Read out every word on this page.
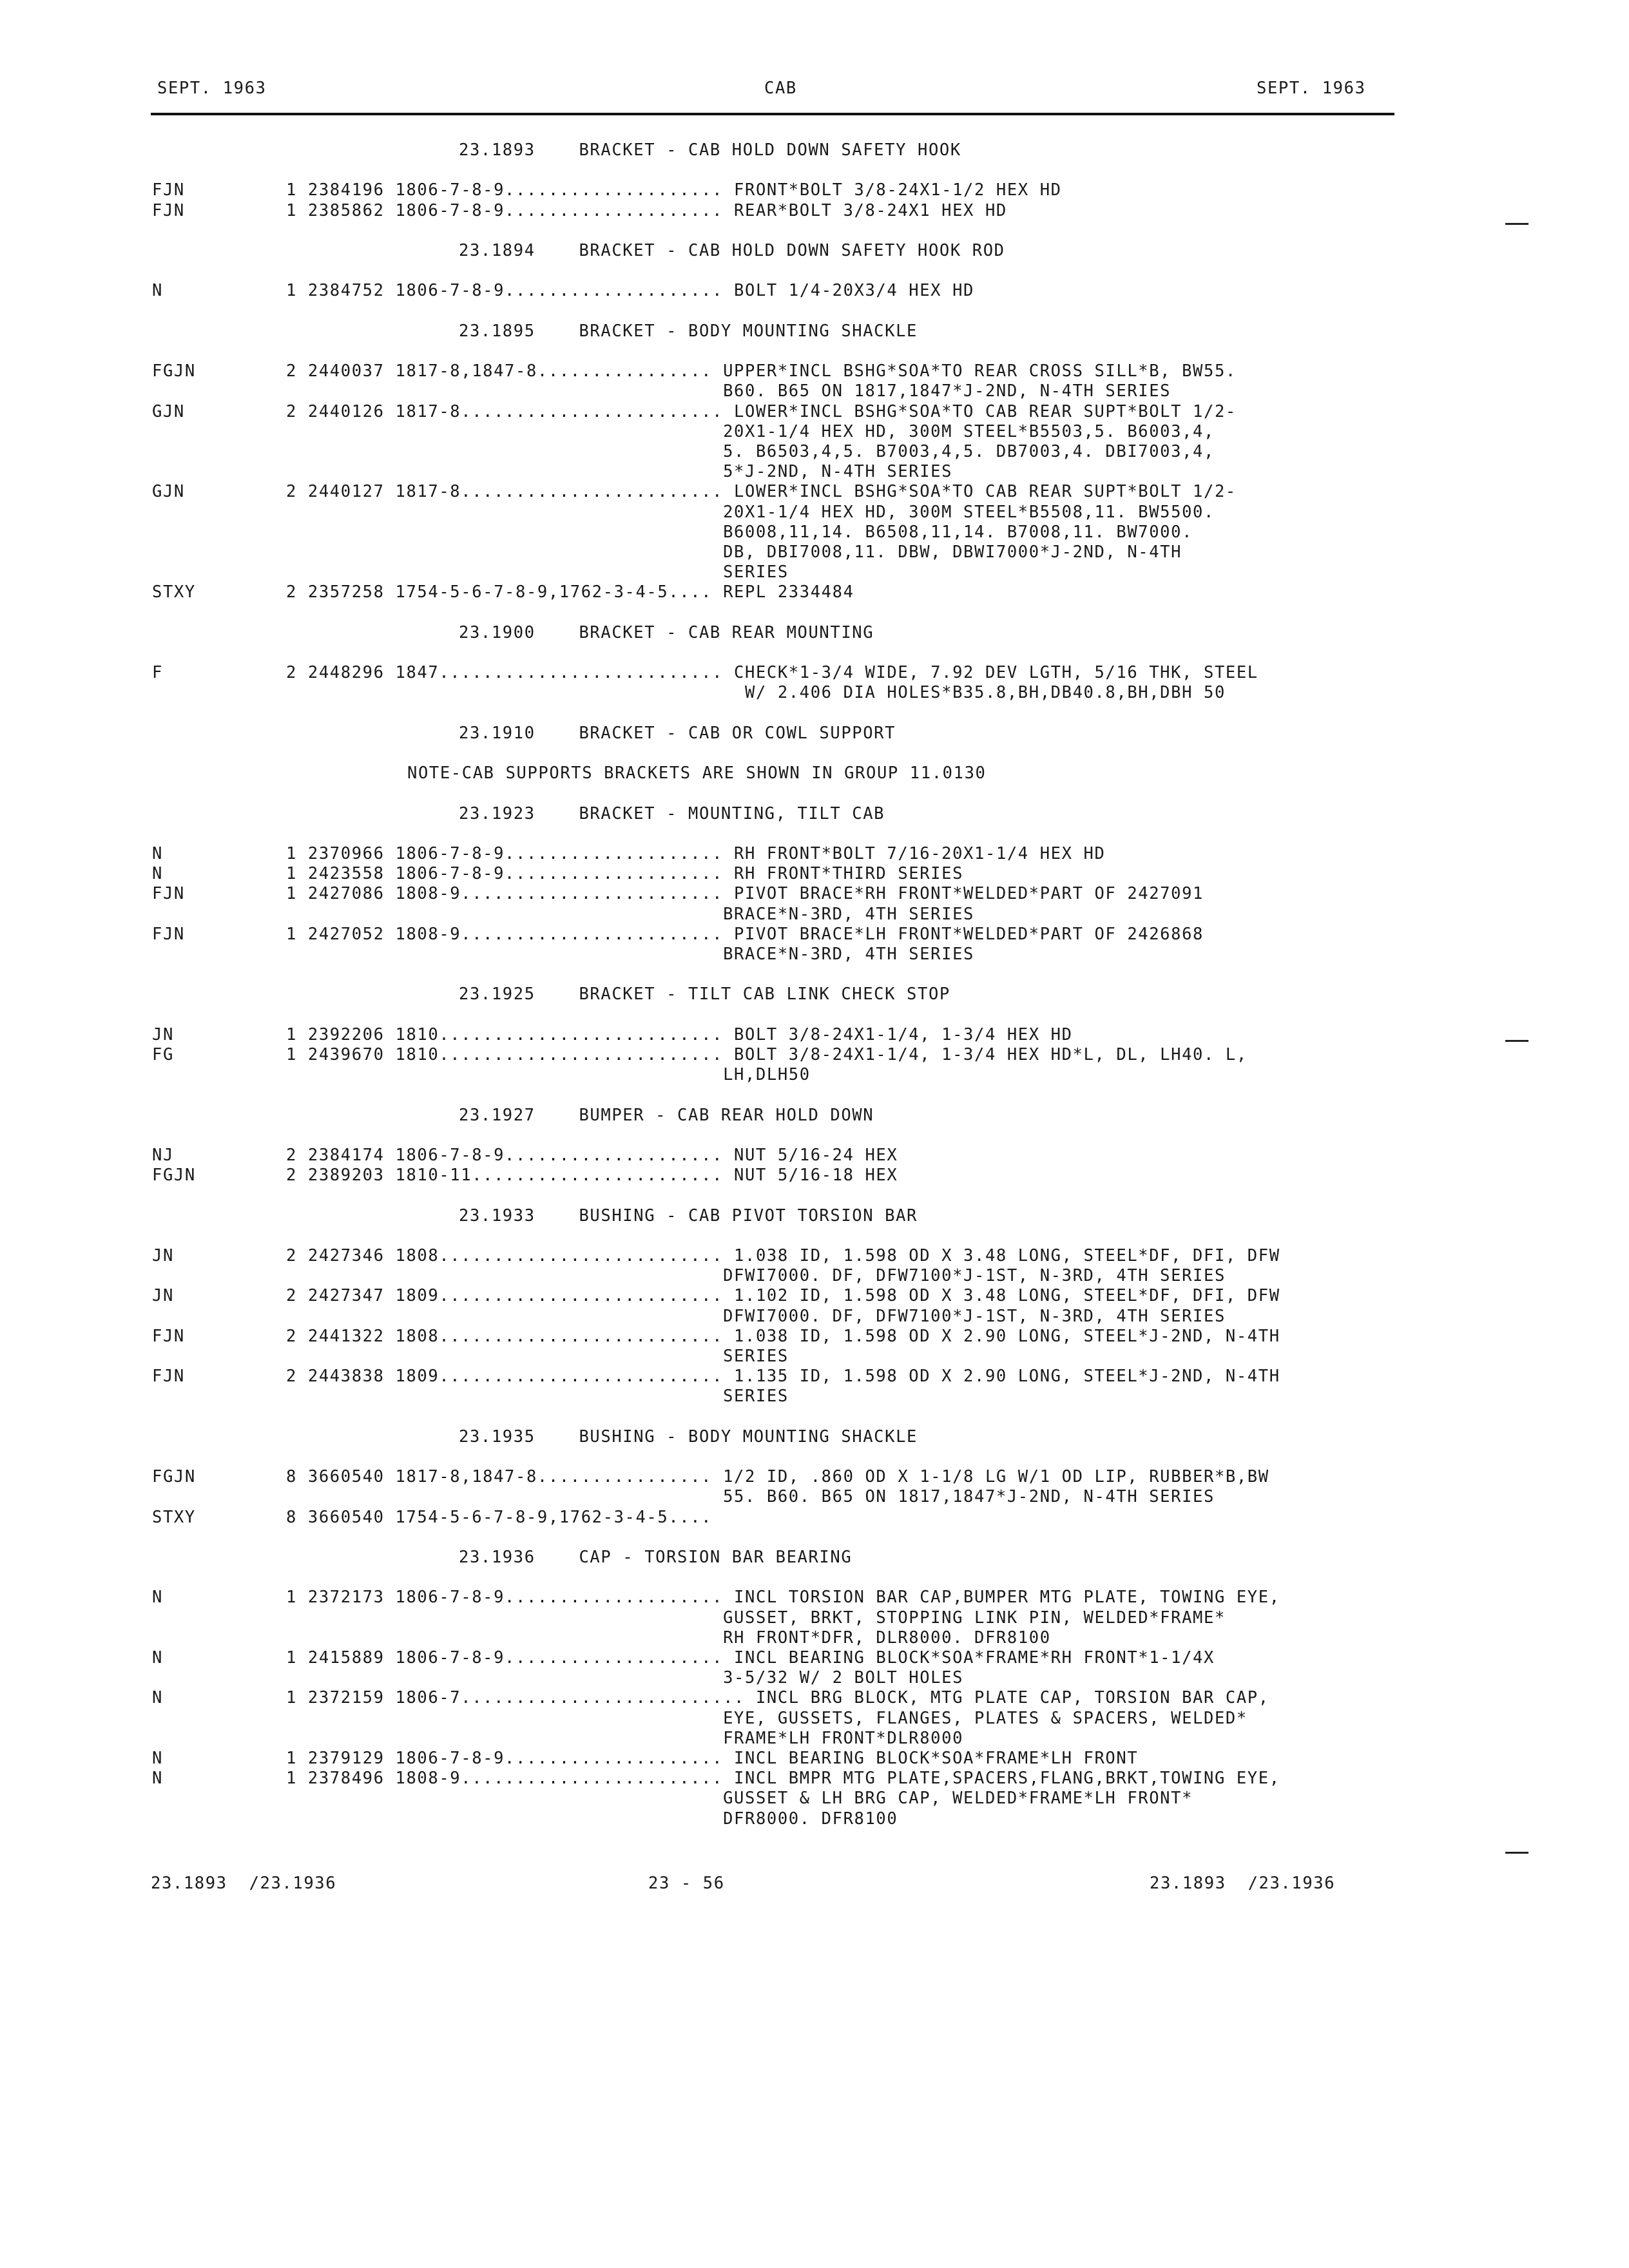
SEPT. 1963	CAB	SEPT. 1963
23.1893    BRACKET - CAB HOLD DOWN SAFETY HOOK
FJN	1 2384196 1806-7-8-9.................... FRONT*BOLT 3/8-24X1-1/2 HEX HD
FJN	1 2385862 1806-7-8-9.................... REAR*BOLT 3/8-24X1 HEX HD
23.1894    BRACKET - CAB HOLD DOWN SAFETY HOOK ROD
N	1 2384752 1806-7-8-9.................... BOLT 1/4-20X3/4 HEX HD
23.1895    BRACKET - BODY MOUNTING SHACKLE
FGJN	2 2440037 1817-8,1847-8................ UPPER*INCL BSHG*SOA*TO REAR CROSS SILL*B, BW55.
B60. B65 ON 1817,1847*J-2ND, N-4TH SERIES
GJN	2 2440126 1817-8........................ LOWER*INCL BSHG*SOA*TO CAB REAR SUPT*BOLT 1/2-
20X1-1/4 HEX HD, 300M STEEL*B5503,5. B6003,4,
5. B6503,4,5. B7003,4,5. DB7003,4. DBI7003,4,
5*J-2ND, N-4TH SERIES
GJN	2 2440127 1817-8........................ LOWER*INCL BSHG*SOA*TO CAB REAR SUPT*BOLT 1/2-
20X1-1/4 HEX HD, 300M STEEL*B5508,11. BW5500.
B6008,11,14. B6508,11,14. B7008,11. BW7000.
DB, DBI7008,11. DBW, DBWI7000*J-2ND, N-4TH
SERIES
STXY	2 2357258 1754-5-6-7-8-9,1762-3-4-5.... REPL 2334484
23.1900    BRACKET - CAB REAR MOUNTING
F	2 2448296 1847.......................... CHECK*1-3/4 WIDE, 7.92 DEV LGTH, 5/16 THK, STEEL
W/ 2.406 DIA HOLES*B35.8,BH,DB40.8,BH,DBH 50
23.1910    BRACKET - CAB OR COWL SUPPORT
NOTE-CAB SUPPORTS BRACKETS ARE SHOWN IN GROUP 11.0130
23.1923    BRACKET - MOUNTING, TILT CAB
N	1 2370966 1806-7-8-9.................... RH FRONT*BOLT 7/16-20X1-1/4 HEX HD
N	1 2423558 1806-7-8-9.................... RH FRONT*THIRD SERIES
FJN	1 2427086 1808-9........................ PIVOT BRACE*RH FRONT*WELDED*PART OF 2427091
BRACE*N-3RD, 4TH SERIES
FJN	1 2427052 1808-9........................ PIVOT BRACE*LH FRONT*WELDED*PART OF 2426868
BRACE*N-3RD, 4TH SERIES
23.1925    BRACKET - TILT CAB LINK CHECK STOP
JN	1 2392206 1810.......................... BOLT 3/8-24X1-1/4, 1-3/4 HEX HD
FG	1 2439670 1810.......................... BOLT 3/8-24X1-1/4, 1-3/4 HEX HD*L, DL, LH40. L,
LH,DLH50
23.1927    BUMPER - CAB REAR HOLD DOWN
NJ	2 2384174 1806-7-8-9.................... NUT 5/16-24 HEX
FGJN	2 2389203 1810-11....................... NUT 5/16-18 HEX
23.1933    BUSHING - CAB PIVOT TORSION BAR
JN	2 2427346 1808.......................... 1.038 ID, 1.598 OD X 3.48 LONG, STEEL*DF, DFI, DFW
DFWI7000. DF, DFW7100*J-1ST, N-3RD, 4TH SERIES
JN	2 2427347 1809.......................... 1.102 ID, 1.598 OD X 3.48 LONG, STEEL*DF, DFI, DFW
DFWI7000. DF, DFW7100*J-1ST, N-3RD, 4TH SERIES
FJN	2 2441322 1808.......................... 1.038 ID, 1.598 OD X 2.90 LONG, STEEL*J-2ND, N-4TH
SERIES
FJN	2 2443838 1809.......................... 1.135 ID, 1.598 OD X 2.90 LONG, STEEL*J-2ND, N-4TH
SERIES
23.1935    BUSHING - BODY MOUNTING SHACKLE
FGJN	8 3660540 1817-8,1847-8................ 1/2 ID, .860 OD X 1-1/8 LG W/1 OD LIP, RUBBER*B,BW
55. B60. B65 ON 1817,1847*J-2ND, N-4TH SERIES
STXY	8 3660540 1754-5-6-7-8-9,1762-3-4-5....
23.1936    CAP - TORSION BAR BEARING
N	1 2372173 1806-7-8-9.................... INCL TORSION BAR CAP,BUMPER MTG PLATE, TOWING EYE,
GUSSET, BRKT, STOPPING LINK PIN, WELDED*FRAME*
RH FRONT*DFR, DLR8000. DFR8100
N	1 2415889 1806-7-8-9.................... INCL BEARING BLOCK*SOA*FRAME*RH FRONT*1-1/4X
3-5/32 W/ 2 BOLT HOLES
N	1 2372159 1806-7.......................... INCL BRG BLOCK, MTG PLATE CAP, TORSION BAR CAP,
EYE, GUSSETS, FLANGES, PLATES & SPACERS, WELDED*
FRAME*LH FRONT*DLR8000
N	1 2379129 1806-7-8-9.................... INCL BEARING BLOCK*SOA*FRAME*LH FRONT
N	1 2378496 1808-9........................ INCL BMPR MTG PLATE,SPACERS,FLANG,BRKT,TOWING EYE,
GUSSET & LH BRG CAP, WELDED*FRAME*LH FRONT*
DFR8000. DFR8100
23.1893  /23.1936	23 - 56	23.1893  /23.1936
